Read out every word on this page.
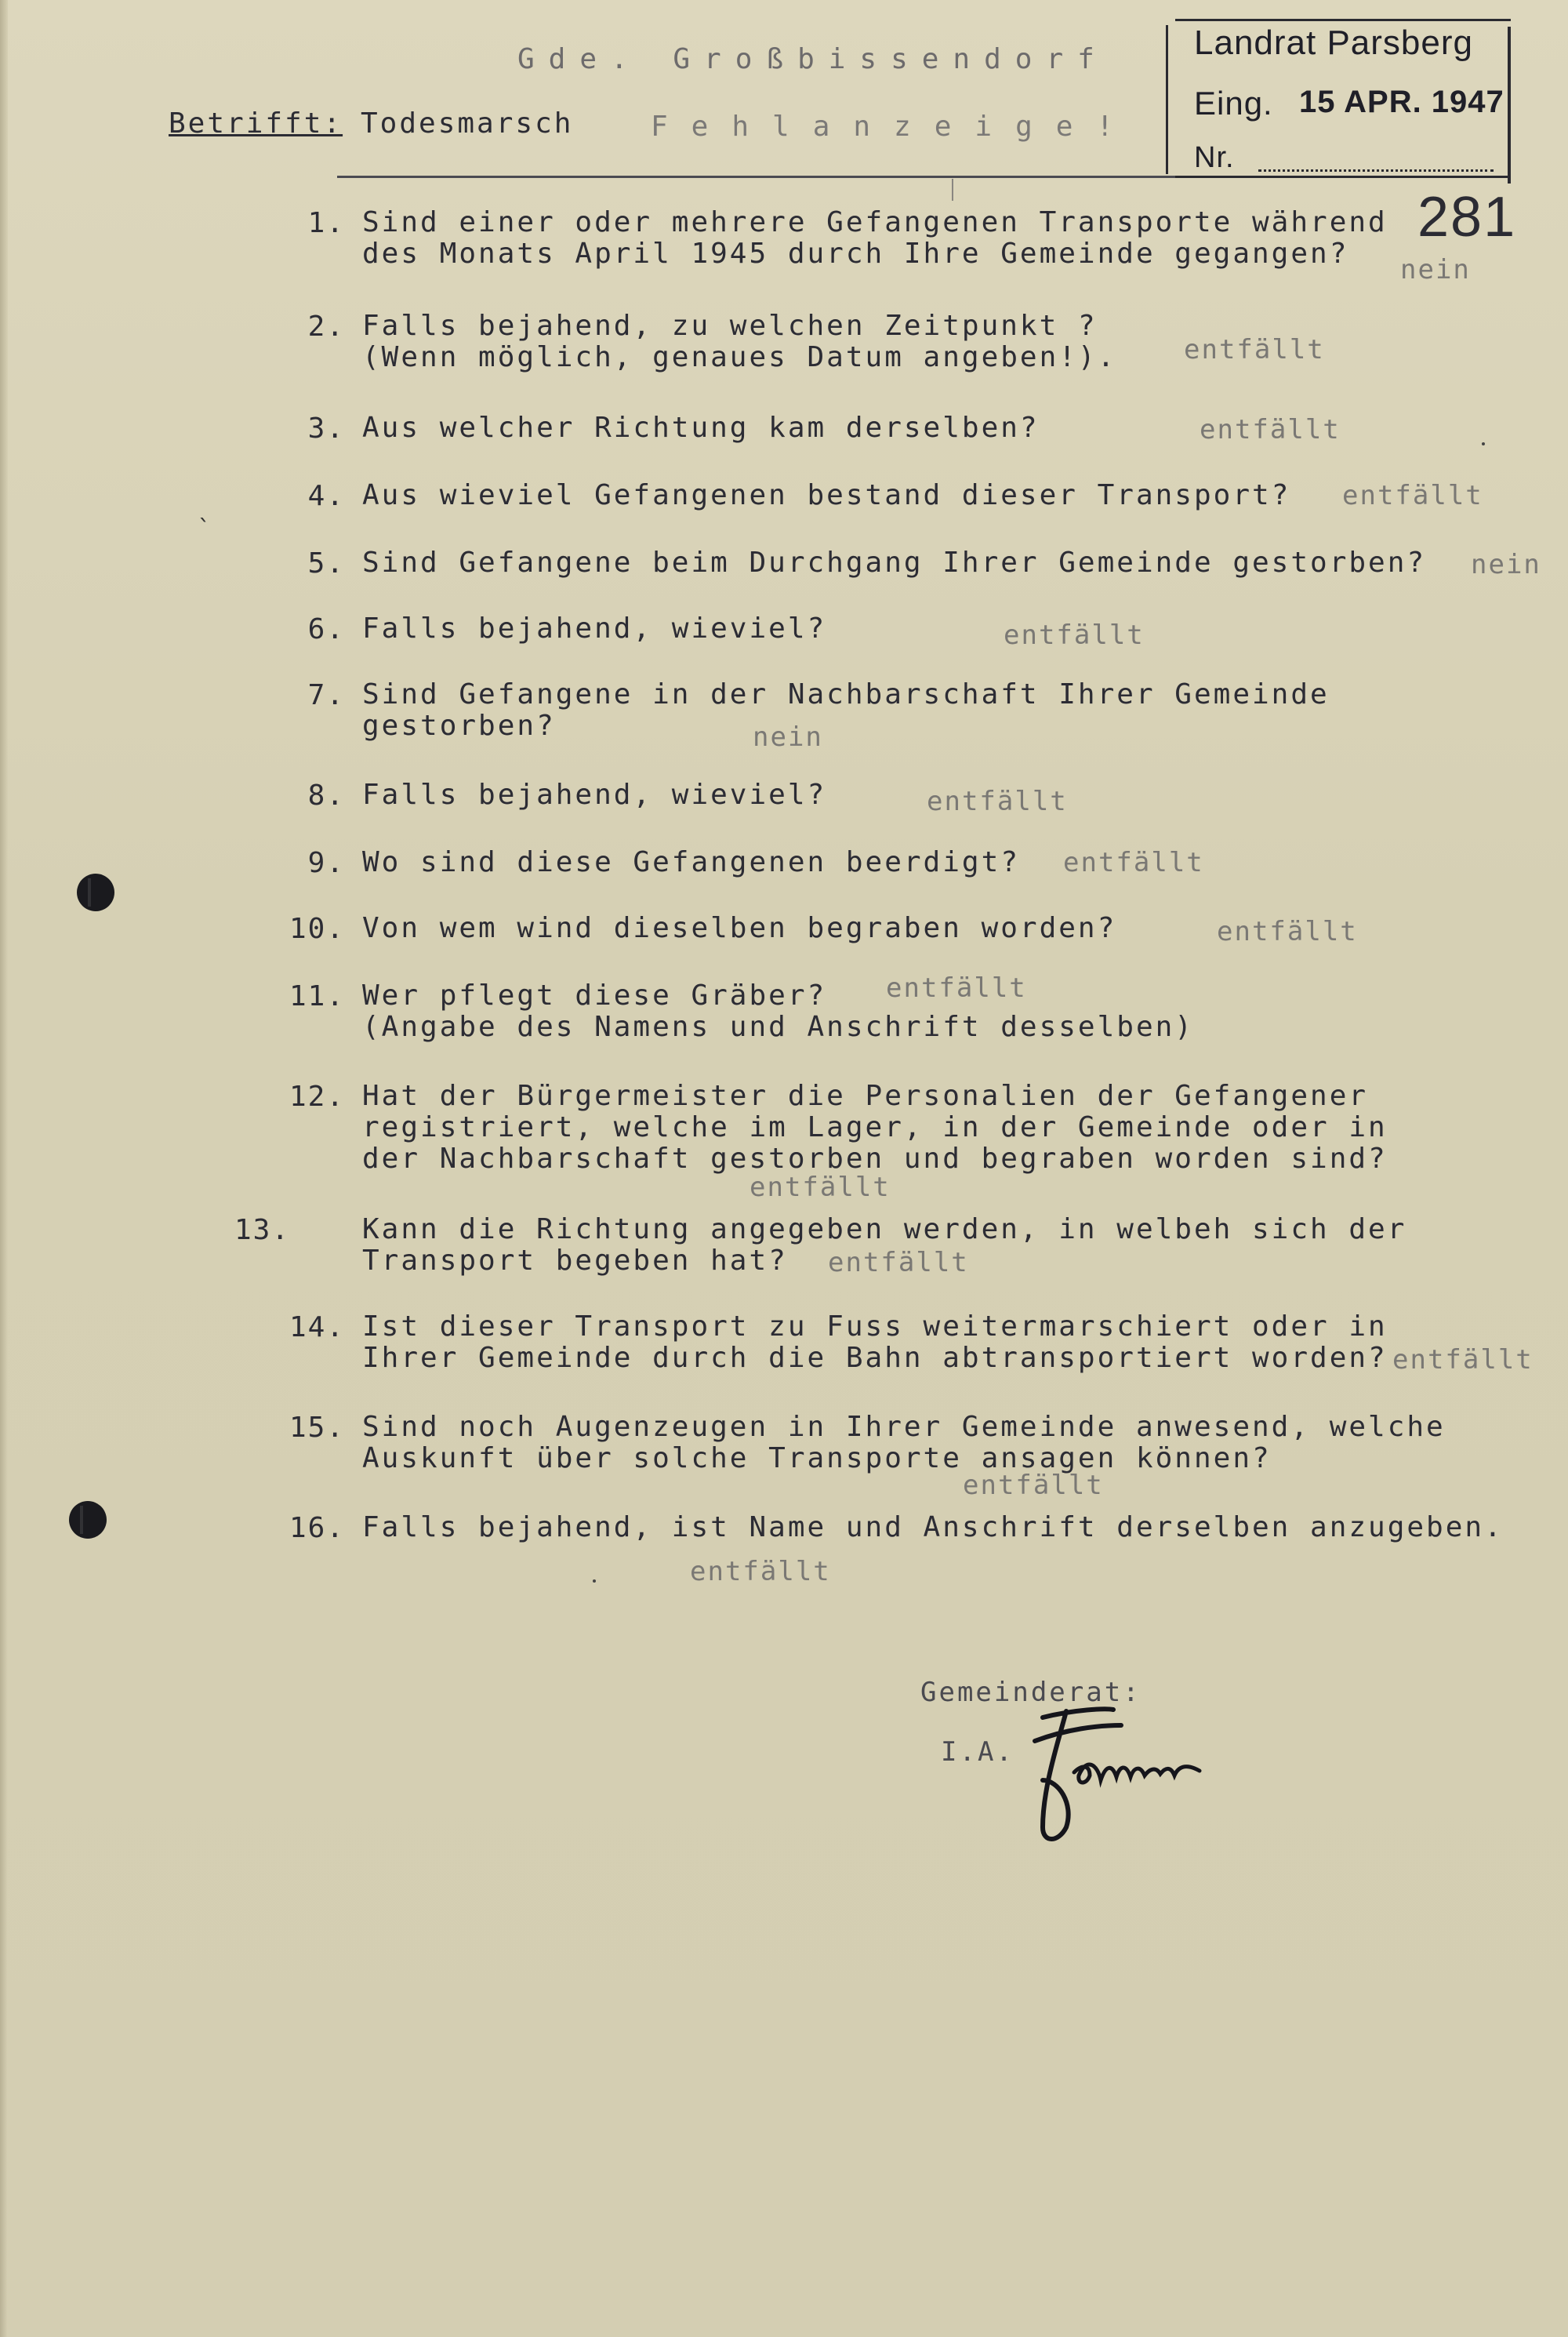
Gde. Großbissendorf
Betrifft: Todesmarsch	Fehlanzeige!
Landrat Parsberg
Eing. 15 APR. 1947
Nr.
281
ˎ
1. Sind einer oder mehrere Gefangenen Transporte während
des Monats April 1945 durch Ihre Gemeinde gegangen? nein
2. Falls bejahend, zu welchen Zeitpunkt ?
(Wenn möglich, genaues Datum angeben!).	entfällt
3. Aus welcher Richtung kam derselben?	entfällt
4. Aus wieviel Gefangenen bestand dieser Transport? entfällt
5. Sind Gefangene beim Durchgang Ihrer Gemeinde gestorben? nein
6. Falls bejahend, wieviel?	entfällt
7. Sind Gefangene in der Nachbarschaft Ihrer Gemeinde
gestorben?	nein
8. Falls bejahend, wieviel?	entfällt
9. Wo sind diese Gefangenen beerdigt? entfällt
10. Von wem wind dieselben begraben worden?	entfällt
11. Wer pflegt diese Gräber?
(Angabe des Namens und Anschrift desselben)
entfällt
12. Hat der Bürgermeister die Personalien der Gefangener
registriert, welche im Lager, in der Gemeinde oder in
der Nachbarschaft gestorben und begraben worden sind?
entfällt
13.	Kann die Richtung angegeben werden, in welbeh sich der
Transport begeben hat? entfällt
14. Ist dieser Transport zu Fuss weitermarschiert oder in
Ihrer Gemeinde durch die Bahn abtransportiert worden? entfällt
15. Sind noch Augenzeugen in Ihrer Gemeinde anwesend, welche
Auskunft über solche Transporte ansagen können?
entfällt
16. Falls bejahend, ist Name und Anschrift derselben anzugeben.
entfällt
Gemeinderat:
I.A.
